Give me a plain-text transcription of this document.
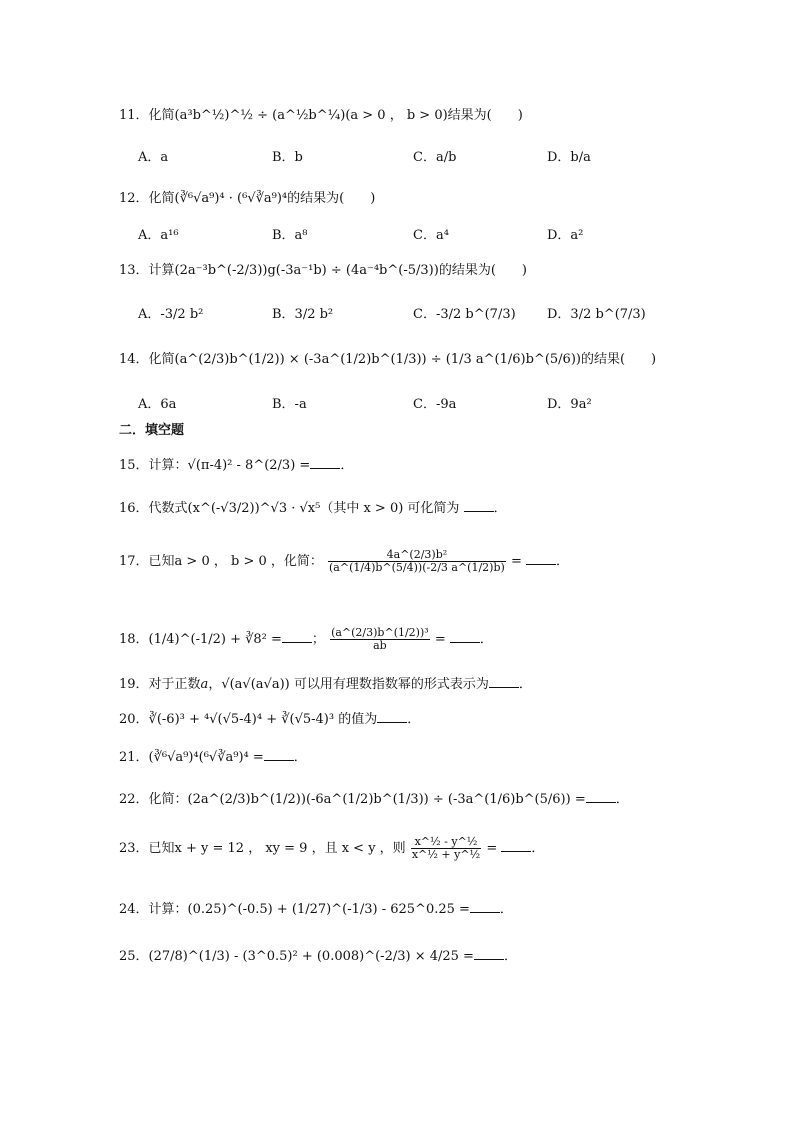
11．化简(a³b^½)^½ ÷ (a^½b^¼)(a > 0 ， b > 0)结果为(　　)
A．a	B．b	C．a/b	D．b/a
12．化简(∛⁶√a⁹)⁴ · (⁶√∛a⁹)⁴的结果为(　　)
A．a¹⁶	B．a⁸	C．a⁴	D．a²
13．计算(2a⁻³b^(-2/3))g(-3a⁻¹b) ÷ (4a⁻⁴b^(-5/3))的结果为(　　)
A．-3/2 b²	B．3/2 b²	C．-3/2 b^(7/3) D．3/2 b^(7/3)
14．化简(a^(2/3)b^(1/2)) × (-3a^(1/2)b^(1/3)) ÷ (1/3 a^(1/6)b^(5/6))的结果(　　)
A．6a	B．-a	C．-9a	D．9a²
二．填空题
15．计算：√(π-4)² - 8^(2/3) = ．
16．代数式(x^(-√3/2))^√3 · √x⁵（其中 x > 0) 可化简为	．
17．已知a > 0 ， b > 0 ，化简： $\frac{\text{4a\textasciicircum{}(2/3)b²}}{(a\^{}(1/4)b\^{}(5/4))(-2/3 a\^{}(1/2)b)}$ = ．
18．(1/4)^(-1/2) + ∛8² = ； $\frac{\text{(a\textasciicircum{}(2/3)b\textasciicircum{}(1/2))³}}{ab}$ = ．
19．对于正数a，√(a√(a√a)) 可以用有理数指数幂的形式表示为 ．
20．∛(-6)³ + ⁴√(√5-4)⁴ + ∛(√5-4)³ 的值为 ．
21．(∛⁶√a⁹)⁴(⁶√∛a⁹)⁴ = ．
22．化简：(2a^(2/3)b^(1/2))(-6a^(1/2)b^(1/3)) ÷ (-3a^(1/6)b^(5/6)) = ．
23．已知x + y = 12 ， xy = 9 ，且 x < y ，则 $\frac{\text{x\textasciicircum{}½ - y\textasciicircum{}½}}{\text{x\textasciicircum{}½ + y\textasciicircum{}½}}$ = ．
24．计算：(0.25)^(-0.5) + (1/27)^(-1/3) - 625^0.25 = ．
25．(27/8)^(1/3) - (3^0.5)² + (0.008)^(-2/3) × 4/25 = ．
